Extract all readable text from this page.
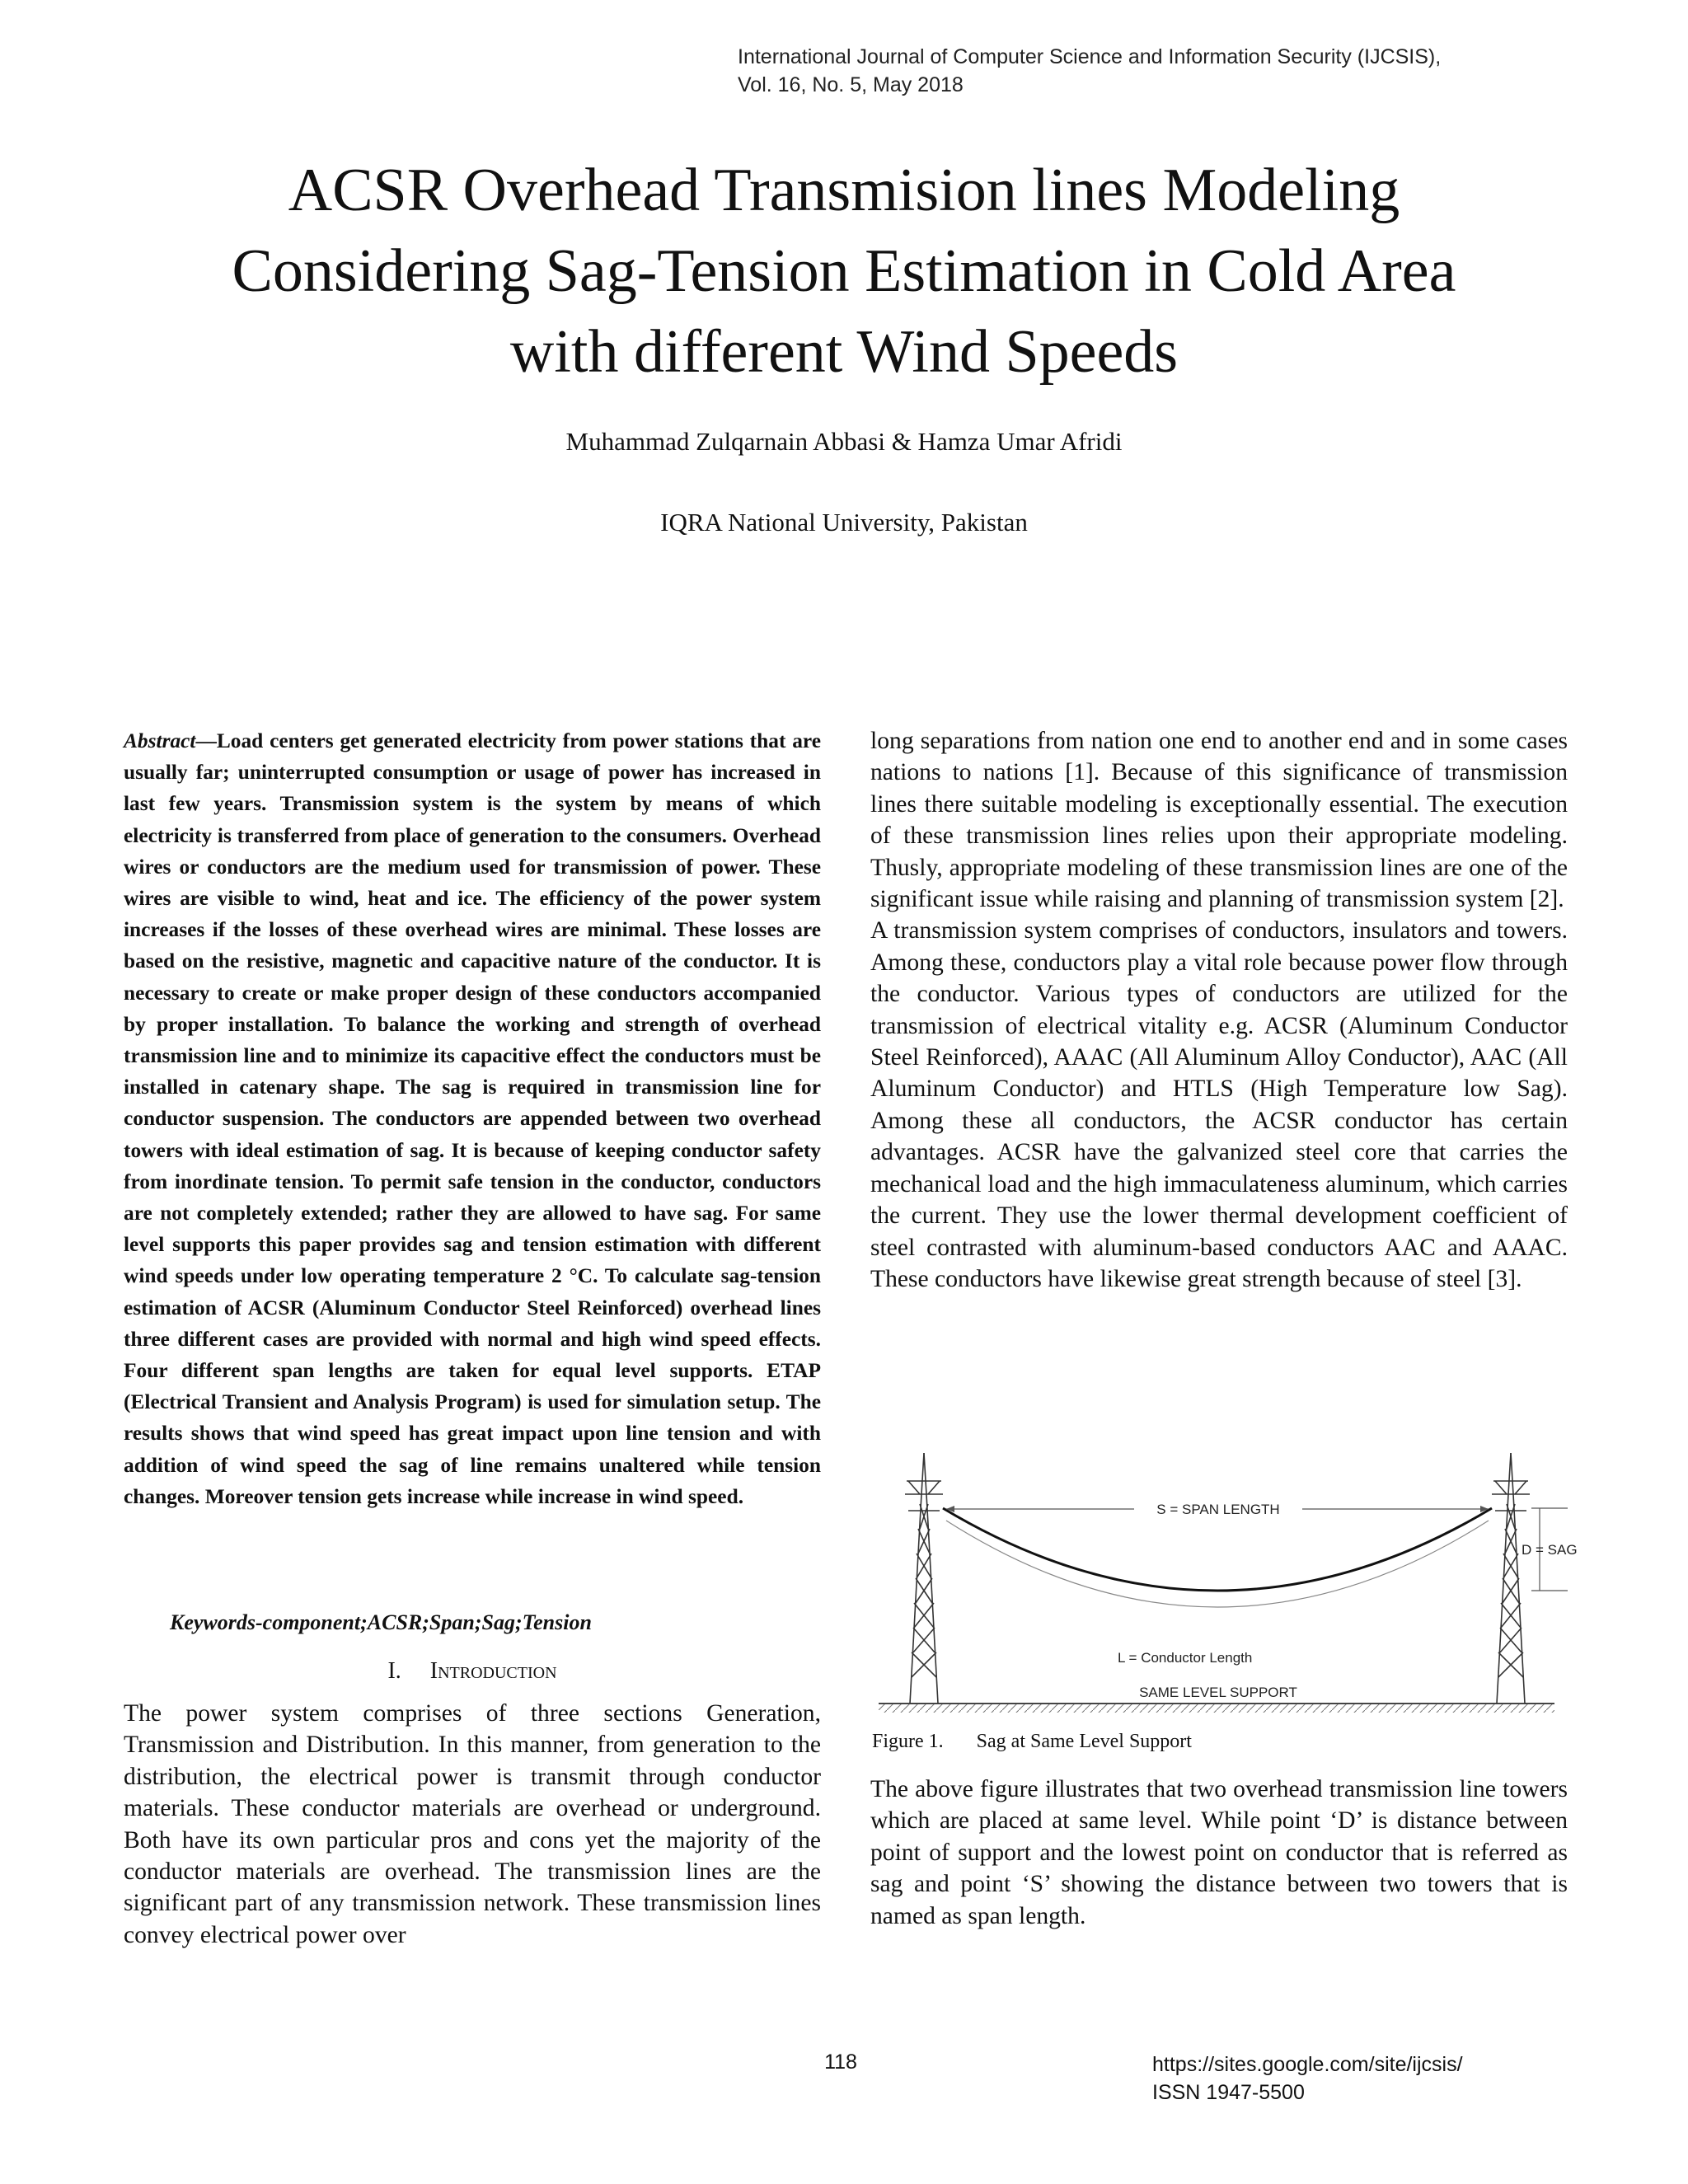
International Journal of Computer Science and Information Security (IJCSIS),
Vol. 16, No. 5, May 2018
ACSR Overhead Transmision lines Modeling
Considering Sag-Tension Estimation in Cold Area
with different Wind Speeds
Muhammad Zulqarnain Abbasi & Hamza Umar Afridi
IQRA National University, Pakistan

Abstract—Load centers get generated electricity from power stations that are usually far; uninterrupted consumption or usage of power has increased in last few years. Transmission system is the system by means of which electricity is transferred from place of generation to the consumers. Overhead wires or conductors are the medium used for transmission of power. These wires are visible to wind, heat and ice. The efficiency of the power system increases if the losses of these overhead wires are minimal. These losses are based on the resistive, magnetic and capacitive nature of the conductor. It is necessary to create or make proper design of these conductors accompanied by proper installation. To balance the working and strength of overhead transmission line and to minimize its capacitive effect the conductors must be installed in catenary shape. The sag is required in transmission line for conductor suspension. The conductors are appended between two overhead towers with ideal estimation of sag. It is because of keeping conductor safety from inordinate tension. To permit safe tension in the conductor, conductors are not completely extended; rather they are allowed to have sag. For same level supports this paper provides sag and tension estimation with different wind speeds under low operating temperature 2 °C. To calculate sag-tension estimation of ACSR (Aluminum Conductor Steel Reinforced) overhead lines three different cases are provided with normal and high wind speed effects. Four different span lengths are taken for equal level supports. ETAP (Electrical Transient and Analysis Program) is used for simulation setup. The results shows that wind speed has great impact upon line tension and with addition of wind speed the sag of line remains unaltered while tension changes. Moreover tension gets increase while increase in wind speed.

Keywords-component;ACSR;Span;Sag;Tension
I. Introduction

The power system comprises of three sections Generation, Transmission and Distribution. In this manner, from generation to the distribution, the electrical power is transmit through conductor materials. These conductor materials are overhead or underground. Both have its own particular pros and cons yet the majority of the conductor materials are overhead. The transmission lines are the significant part of any transmission network. These transmission lines convey electrical power over

long separations from nation one end to another end and in some cases nations to nations [1]. Because of this significance of transmission lines there suitable modeling is exceptionally essential. The execution of these transmission lines relies upon their appropriate modeling. Thusly, appropriate modeling of these transmission lines are one of the significant issue while raising and planning of transmission system [2].

A transmission system comprises of conductors, insulators and towers. Among these, conductors play a vital role because power flow through the conductor. Various types of conductors are utilized for the transmission of electrical vitality e.g. ACSR (Aluminum Conductor Steel Reinforced), AAAC (All Aluminum Alloy Conductor), AAC (All Aluminum Conductor) and HTLS (High Temperature low Sag). Among these all conductors, the ACSR conductor has certain advantages. ACSR have the galvanized steel core that carries the mechanical load and the high immaculateness aluminum, which carries the current. They use the lower thermal development coefficient of steel contrasted with aluminum-based conductors AAC and AAAC. These conductors have likewise great strength because of steel [3].

S = SPAN LENGTH
D = SAG
L = Conductor Length
SAME LEVEL SUPPORT
Figure 1. Sag at Same Level Support

The above figure illustrates that two overhead transmission line towers which are placed at same level. While point ‘D’ is distance between point of support and the lowest point on conductor that is referred as sag and point ‘S’ showing the distance between two towers that is named as span length.

118	https://sites.google.com/site/ijcsis/
ISSN 1947-5500
